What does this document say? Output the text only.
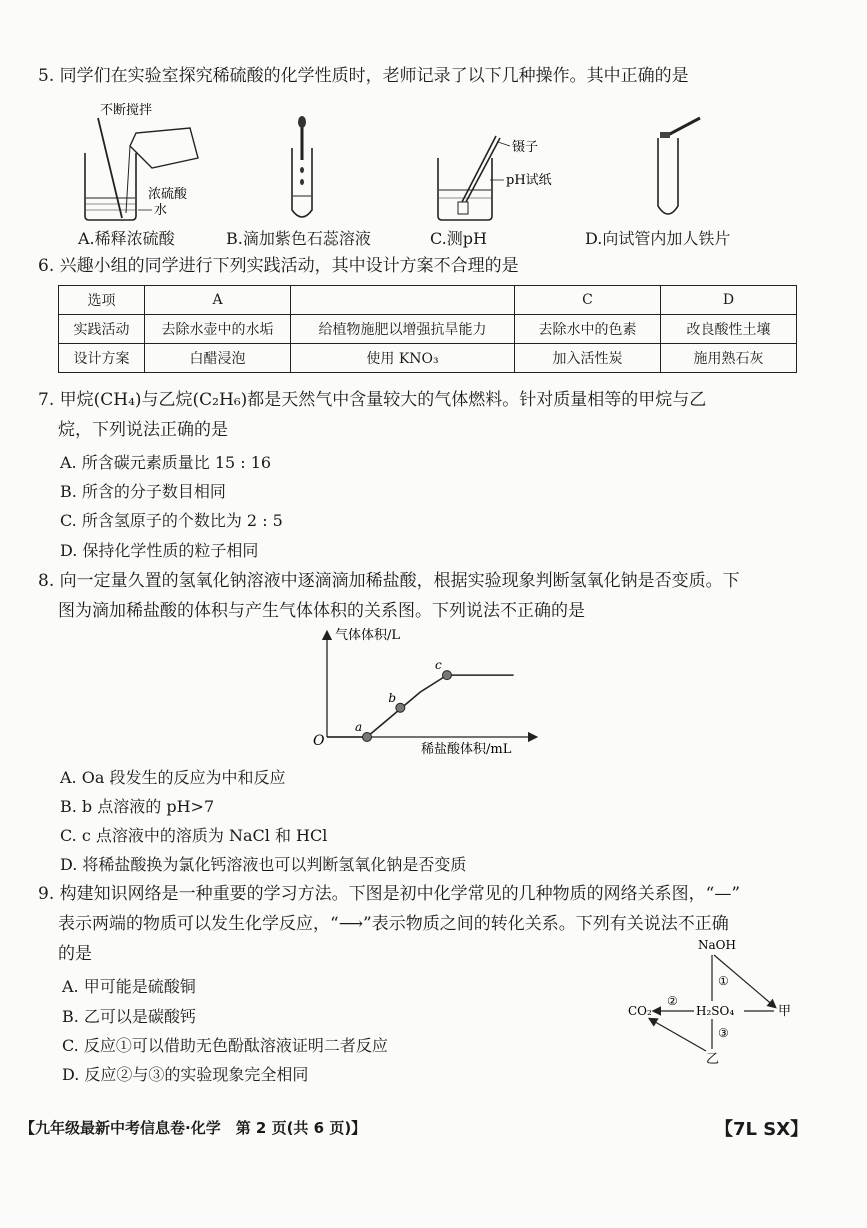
5. 同学们在实验室探究稀硫酸的化学性质时，老师记录了以下几种操作。其中正确的是
不断搅拌
浓硫酸
水
镊子
pH试纸
A.稀释浓硫酸	B.滴加紫色石蕊溶液	C.测pH	D.向试管内加人铁片
6. 兴趣小组的同学进行下列实践活动，其中设计方案不合理的是
选项	A		C	D
实践活动	去除水壶中的水垢	给植物施肥以增强抗旱能力	去除水中的色素	改良酸性土壤
设计方案	白醋浸泡	使用 KNO₃	加入活性炭	施用熟石灰
7. 甲烷(CH₄)与乙烷(C₂H₆)都是天然气中含量较大的气体燃料。针对质量相等的甲烷与乙
烷，下列说法正确的是
A. 所含碳元素质量比 15 : 16
B. 所含的分子数目相同
C. 所含氢原子的个数比为 2 : 5
D. 保持化学性质的粒子相同
8. 向一定量久置的氢氧化钠溶液中逐滴滴加稀盐酸，根据实验现象判断氢氧化钠是否变质。下
图为滴加稀盐酸的体积与产生气体体积的关系图。下列说法不正确的是
气体体积/L
O
稀盐酸体积/mL
a
b
c
A. Oa 段发生的反应为中和反应
B. b 点溶液的 pH>7
C. c 点溶液中的溶质为 NaCl 和 HCl
D. 将稀盐酸换为氯化钙溶液也可以判断氢氧化钠是否变质
9. 构建知识网络是一种重要的学习方法。下图是初中化学常见的几种物质的网络关系图，“—”
表示两端的物质可以发生化学反应，“⟶”表示物质之间的转化关系。下列有关说法不正确
的是
A. 甲可能是硫酸铜
B. 乙可以是碳酸钙
C. 反应①可以借助无色酚酞溶液证明二者反应
D. 反应②与③的实验现象完全相同
NaOH
H₂SO₄
CO₂	甲
乙
①
②
③
【九年级最新中考信息卷·化学　第 2 页(共 6 页)】	【7L SX】
